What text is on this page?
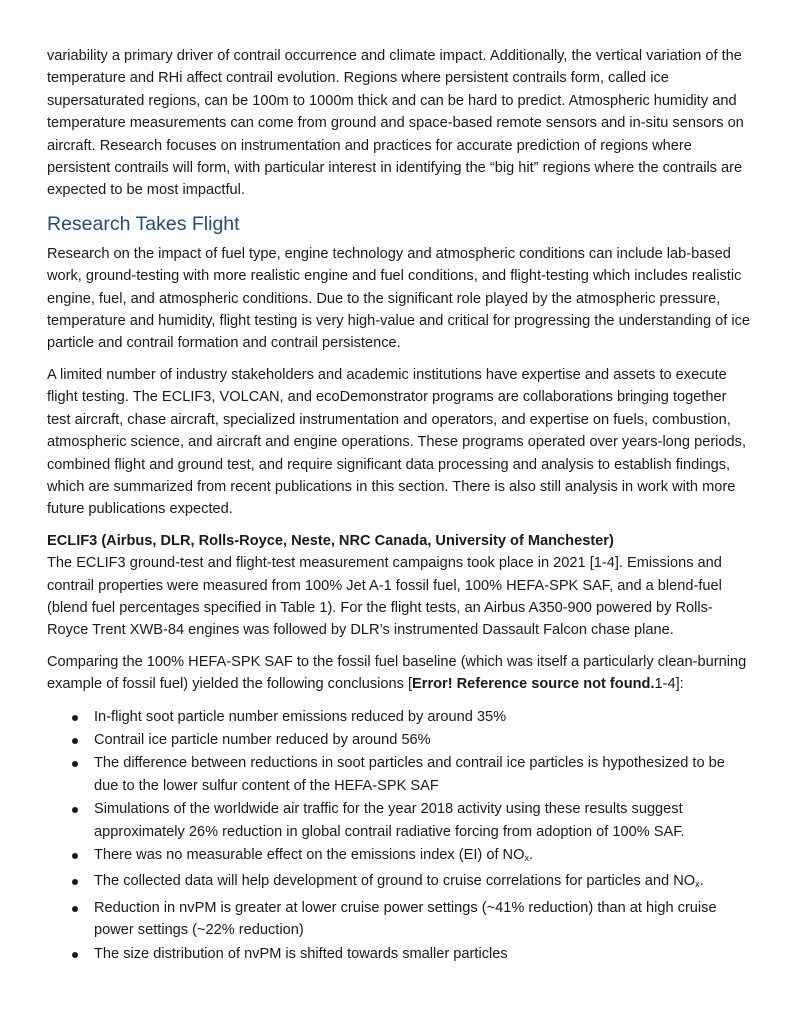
variability a primary driver of contrail occurrence and climate impact. Additionally, the vertical variation of the temperature and RHi affect contrail evolution. Regions where persistent contrails form, called ice supersaturated regions, can be 100m to 1000m thick and can be hard to predict. Atmospheric humidity and temperature measurements can come from ground and space-based remote sensors and in-situ sensors on aircraft. Research focuses on instrumentation and practices for accurate prediction of regions where persistent contrails will form, with particular interest in identifying the “big hit” regions where the contrails are expected to be most impactful.

Research Takes Flight

Research on the impact of fuel type, engine technology and atmospheric conditions can include lab-based work, ground-testing with more realistic engine and fuel conditions, and flight-testing which includes realistic engine, fuel, and atmospheric conditions. Due to the significant role played by the atmospheric pressure, temperature and humidity, flight testing is very high-value and critical for progressing the understanding of ice particle and contrail formation and contrail persistence.

A limited number of industry stakeholders and academic institutions have expertise and assets to execute flight testing. The ECLIF3, VOLCAN, and ecoDemonstrator programs are collaborations bringing together test aircraft, chase aircraft, specialized instrumentation and operators, and expertise on fuels, combustion, atmospheric science, and aircraft and engine operations. These programs operated over years-long periods, combined flight and ground test, and require significant data processing and analysis to establish findings, which are summarized from recent publications in this section. There is also still analysis in work with more future publications expected.

ECLIF3 (Airbus, DLR, Rolls-Royce, Neste, NRC Canada, University of Manchester)

The ECLIF3 ground-test and flight-test measurement campaigns took place in 2021 [1-4]. Emissions and contrail properties were measured from 100% Jet A-1 fossil fuel, 100% HEFA-SPK SAF, and a blend-fuel (blend fuel percentages specified in Table 1). For the flight tests, an Airbus A350-900 powered by Rolls-Royce Trent XWB-84 engines was followed by DLR’s instrumented Dassault Falcon chase plane.

Comparing the 100% HEFA-SPK SAF to the fossil fuel baseline (which was itself a particularly clean-burning example of fossil fuel) yielded the following conclusions [Error! Reference source not found.1-4]:

In-flight soot particle number emissions reduced by around 35%
Contrail ice particle number reduced by around 56%
The difference between reductions in soot particles and contrail ice particles is hypothesized to be due to the lower sulfur content of the HEFA-SPK SAF
Simulations of the worldwide air traffic for the year 2018 activity using these results suggest approximately 26% reduction in global contrail radiative forcing from adoption of 100% SAF.
There was no measurable effect on the emissions index (EI) of $NO_x$.
The collected data will help development of ground to cruise correlations for particles and $NO_x$.
Reduction in nvPM is greater at lower cruise power settings (~41% reduction) than at high cruise power settings (~22% reduction)
The size distribution of nvPM is shifted towards smaller particles
